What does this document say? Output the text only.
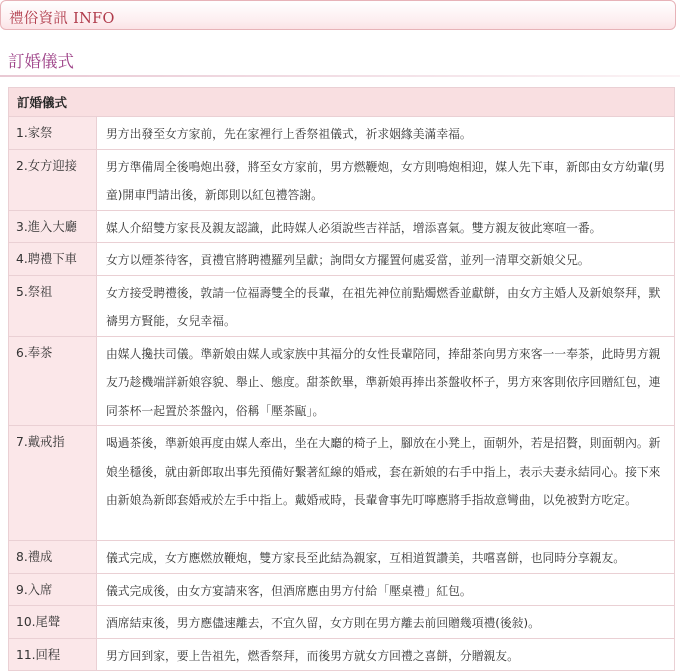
禮俗資訊 INFO
訂婚儀式
訂婚儀式	
1.家祭	男方出發至女方家前，先在家裡行上香祭祖儀式，祈求姻緣美滿幸福。
2.女方迎接	男方準備周全後鳴炮出發，將至女方家前，男方燃鞭炮，女方則鳴炮相迎，媒人先下車，新郎由女方幼輩(男童)開車門請出後，新郎則以紅包禮答謝。
3.進入大廳	媒人介紹雙方家長及親友認識，此時媒人必須說些吉祥話，增添喜氣。雙方親友彼此寒喧一番。
4.聘禮下車	女方以煙茶待客，貢禮官將聘禮羅列呈獻；詢問女方擺置何處妥當，並列一清單交新娘父兄。
5.祭祖	女方接受聘禮後，敦請一位福壽雙全的長輩，在祖先神位前點燭燃香並獻餅，由女方主婚人及新娘祭拜，默禱男方賢能，女兒幸福。
6.奉茶	由媒人攙扶司儀。準新娘由媒人或家族中其福分的女性長輩陪同，捧甜茶向男方來客一一奉茶，此時男方親友乃趁機端詳新娘容貌、舉止、態度。甜茶飲畢，準新娘再捧出茶盤收杯子，男方來客則依序回贈紅包，連同茶杯一起置於茶盤內，俗稱「壓茶甌」。
7.戴戒指	喝過茶後，準新娘再度由媒人牽出，坐在大廳的椅子上，腳放在小凳上，面朝外，若是招贅，則面朝內。新娘坐穩後，就由新郎取出事先預備好繫著紅線的婚戒，套在新娘的右手中指上，表示夫妻永結同心。接下來由新娘為新郎套婚戒於左手中指上。戴婚戒時，長輩會事先叮嚀應將手指故意彎曲，以免被對方吃定。
8.禮成	儀式完成，女方應燃放鞭炮，雙方家長至此結為親家，互相道賀讚美，共嚐喜餅，也同時分享親友。
9.入席	儀式完成後，由女方宴請來客，但酒席應由男方付給「壓桌禮」紅包。
10.尾聲	酒席結束後，男方應儘速離去，不宜久留，女方則在男方離去前回贈幾項禮(後敍)。
11.回程	男方回到家，要上告祖先，燃香祭拜，而後男方就女方回禮之喜餅，分贈親友。
